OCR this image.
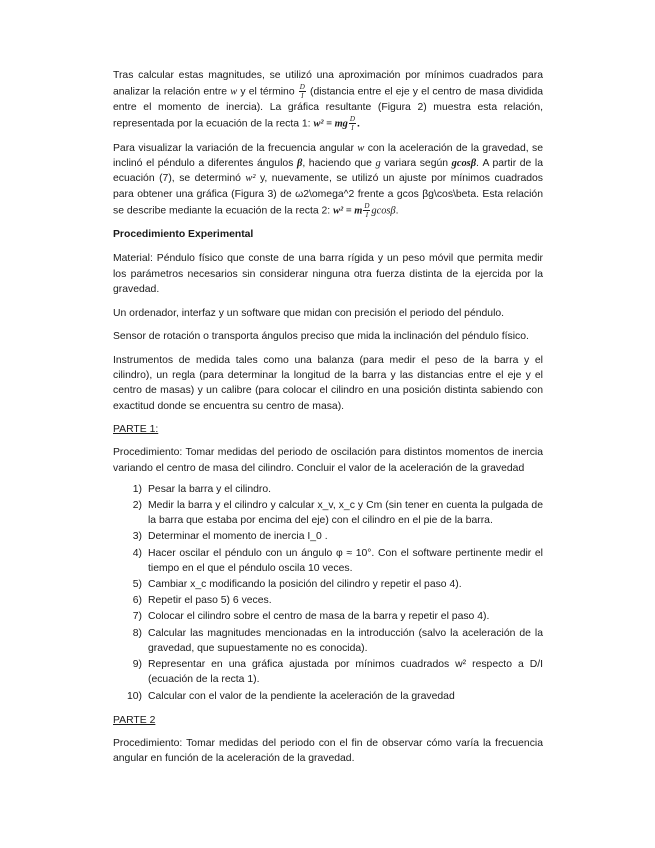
Tras calcular estas magnitudes, se utilizó una aproximación por mínimos cuadrados para analizar la relación entre w y el término $\frac{D}{I}$ (distancia entre el eje y el centro de masa dividida entre el momento de inercia). La gráfica resultante (Figura 2) muestra esta relación, representada por la ecuación de la recta 1: w² = mg $\frac{D}{I}$ .

Para visualizar la variación de la frecuencia angular w con la aceleración de la gravedad, se inclinó el péndulo a diferentes ángulos β, haciendo que g variara según gcosβ. A partir de la ecuación (7), se determinó w² y, nuevamente, se utilizó un ajuste por mínimos cuadrados para obtener una gráfica (Figura 3) de ω2\omega^2 frente a gcos βg\cos\beta. Esta relación se describe mediante la ecuación de la recta 2: w² = m $\frac{D}{I} gcos\beta$.

Procedimiento Experimental

Material: Péndulo físico que conste de una barra rígida y un peso móvil que permita medir los parámetros necesarios sin considerar ninguna otra fuerza distinta de la ejercida por la gravedad.

Un ordenador, interfaz y un software que midan con precisión el periodo del péndulo.

Sensor de rotación o transporta ángulos preciso que mida la inclinación del péndulo físico.

Instrumentos de medida tales como una balanza (para medir el peso de la barra y el cilindro), un regla (para determinar la longitud de la barra y las distancias entre el eje y el centro de masas) y un calibre (para colocar el cilindro en una posición distinta sabiendo con exactitud donde se encuentra su centro de masa).

PARTE 1:

Procedimiento: Tomar medidas del periodo de oscilación para distintos momentos de inercia variando el centro de masa del cilindro. Concluir el valor de la aceleración de la gravedad

1) Pesar la barra y el cilindro.
2) Medir la barra y el cilindro y calcular x_v, x_c y Cm (sin tener en cuenta la pulgada de la barra que estaba por encima del eje) con el cilindro en el pie de la barra.
3) Determinar el momento de inercia I_0 .
4) Hacer oscilar el péndulo con un ángulo φ ≈ 10°. Con el software pertinente medir el tiempo en el que el péndulo oscila 10 veces.
5) Cambiar x_c modificando la posición del cilindro y repetir el paso 4).
6) Repetir el paso 5) 6 veces.
7) Colocar el cilindro sobre el centro de masa de la barra y repetir el paso 4).
8) Calcular las magnitudes mencionadas en la introducción (salvo la aceleración de la gravedad, que supuestamente no es conocida).
9) Representar en una gráfica ajustada por mínimos cuadrados w² respecto a D/I (ecuación de la recta 1).
10) Calcular con el valor de la pendiente la aceleración de la gravedad

PARTE 2

Procedimiento: Tomar medidas del periodo con el fin de observar cómo varía la frecuencia angular en función de la aceleración de la gravedad.
